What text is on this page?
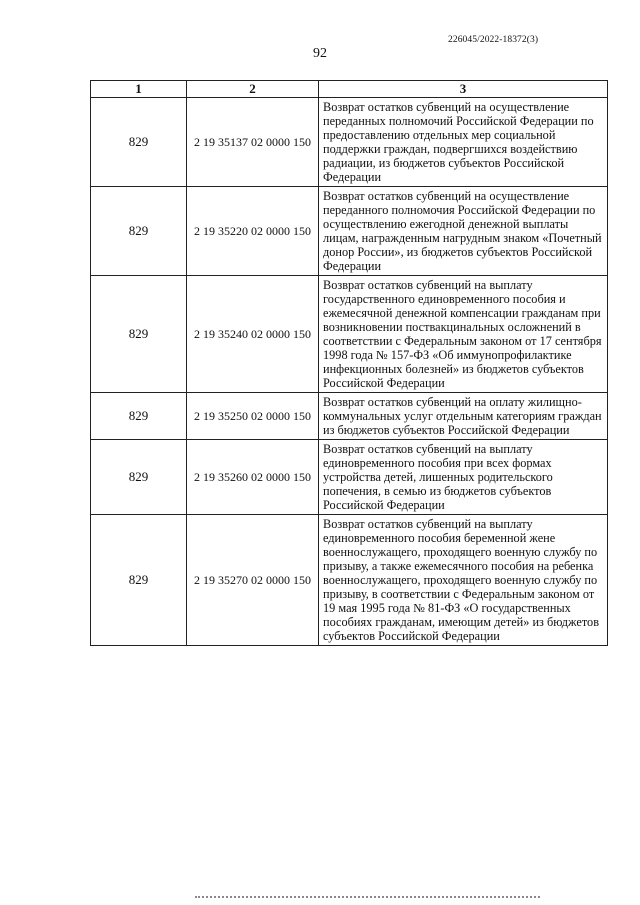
226045/2022-18372(3)
92
1	2	3
829	2 19 35137 02 0000 150	Возврат остатков субвенций на осуществление переданных полномочий Российской Федерации по предоставлению отдельных мер социальной поддержки граждан, подвергшихся воздействию радиации, из бюджетов субъектов Российской Федерации
829	2 19 35220 02 0000 150	Возврат остатков субвенций на осуществление переданного полномочия Российской Федерации по осуществлению ежегодной денежной выплаты лицам, награжденным нагрудным знаком «Почетный донор России», из бюджетов субъектов Российской Федерации
829	2 19 35240 02 0000 150	Возврат остатков субвенций на выплату государственного единовременного пособия и ежемесячной денежной компенсации гражданам при возникновении поствакцинальных осложнений в соответствии с Федеральным законом от 17 сентября 1998 года № 157-ФЗ «Об иммунопрофилактике инфекционных болезней» из бюджетов субъектов Российской Федерации
829	2 19 35250 02 0000 150	Возврат остатков субвенций на оплату жилищно-коммунальных услуг отдельным категориям граждан из бюджетов субъектов Российской Федерации
829	2 19 35260 02 0000 150	Возврат остатков субвенций на выплату единовременного пособия при всех формах устройства детей, лишенных родительского попечения, в семью из бюджетов субъектов Российской Федерации
829	2 19 35270 02 0000 150	Возврат остатков субвенций на выплату единовременного пособия беременной жене военнослужащего, проходящего военную службу по призыву, а также ежемесячного пособия на ребенка военнослужащего, проходящего военную службу по призыву, в соответствии с Федеральным законом от 19 мая 1995 года № 81-ФЗ «О государственных пособиях гражданам, имеющим детей» из бюджетов субъектов Российской Федерации
